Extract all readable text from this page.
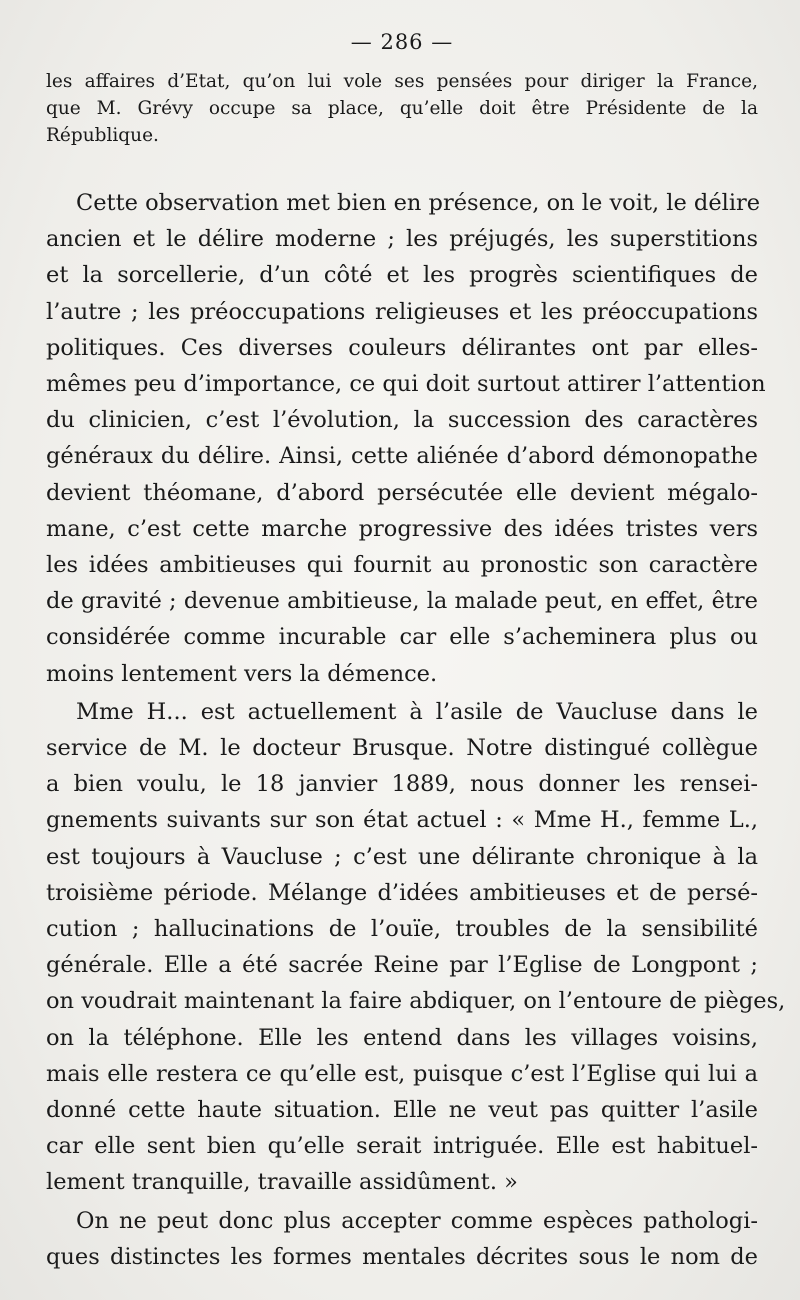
— 286 —
les affaires d’Etat, qu’on lui vole ses pensées pour diriger la France,
que M. Grévy occupe sa place, qu’elle doit être Présidente de la
République.
Cette observation met bien en présence, on le voit, le délire
ancien et le délire moderne ; les préjugés, les superstitions
et la sorcellerie, d’un côté et les progrès scientifiques de
l’autre ; les préoccupations religieuses et les préoccupations
politiques. Ces diverses couleurs délirantes ont par elles-
mêmes peu d’importance, ce qui doit surtout attirer l’attention
du clinicien, c’est l’évolution, la succession des caractères
généraux du délire. Ainsi, cette aliénée d’abord démonopathe
devient théomane, d’abord persécutée elle devient mégalo-
mane, c’est cette marche progressive des idées tristes vers
les idées ambitieuses qui fournit au pronostic son caractère
de gravité ; devenue ambitieuse, la malade peut, en effet, être
considérée comme incurable car elle s’acheminera plus ou
moins lentement vers la démence.
Mme H... est actuellement à l’asile de Vaucluse dans le
service de M. le docteur Brusque. Notre distingué collègue
a bien voulu, le 18 janvier 1889, nous donner les rensei-
gnements suivants sur son état actuel : « Mme H., femme L.,
est toujours à Vaucluse ; c’est une délirante chronique à la
troisième période. Mélange d’idées ambitieuses et de persé-
cution ; hallucinations de l’ouïe, troubles de la sensibilité
générale. Elle a été sacrée Reine par l’Eglise de Longpont ;
on voudrait maintenant la faire abdiquer, on l’entoure de pièges,
on la téléphone. Elle les entend dans les villages voisins,
mais elle restera ce qu’elle est, puisque c’est l’Eglise qui lui a
donné cette haute situation. Elle ne veut pas quitter l’asile
car elle sent bien qu’elle serait intriguée. Elle est habituel-
lement tranquille, travaille assidûment. »
On ne peut donc plus accepter comme espèces pathologi-
ques distinctes les formes mentales décrites sous le nom de
